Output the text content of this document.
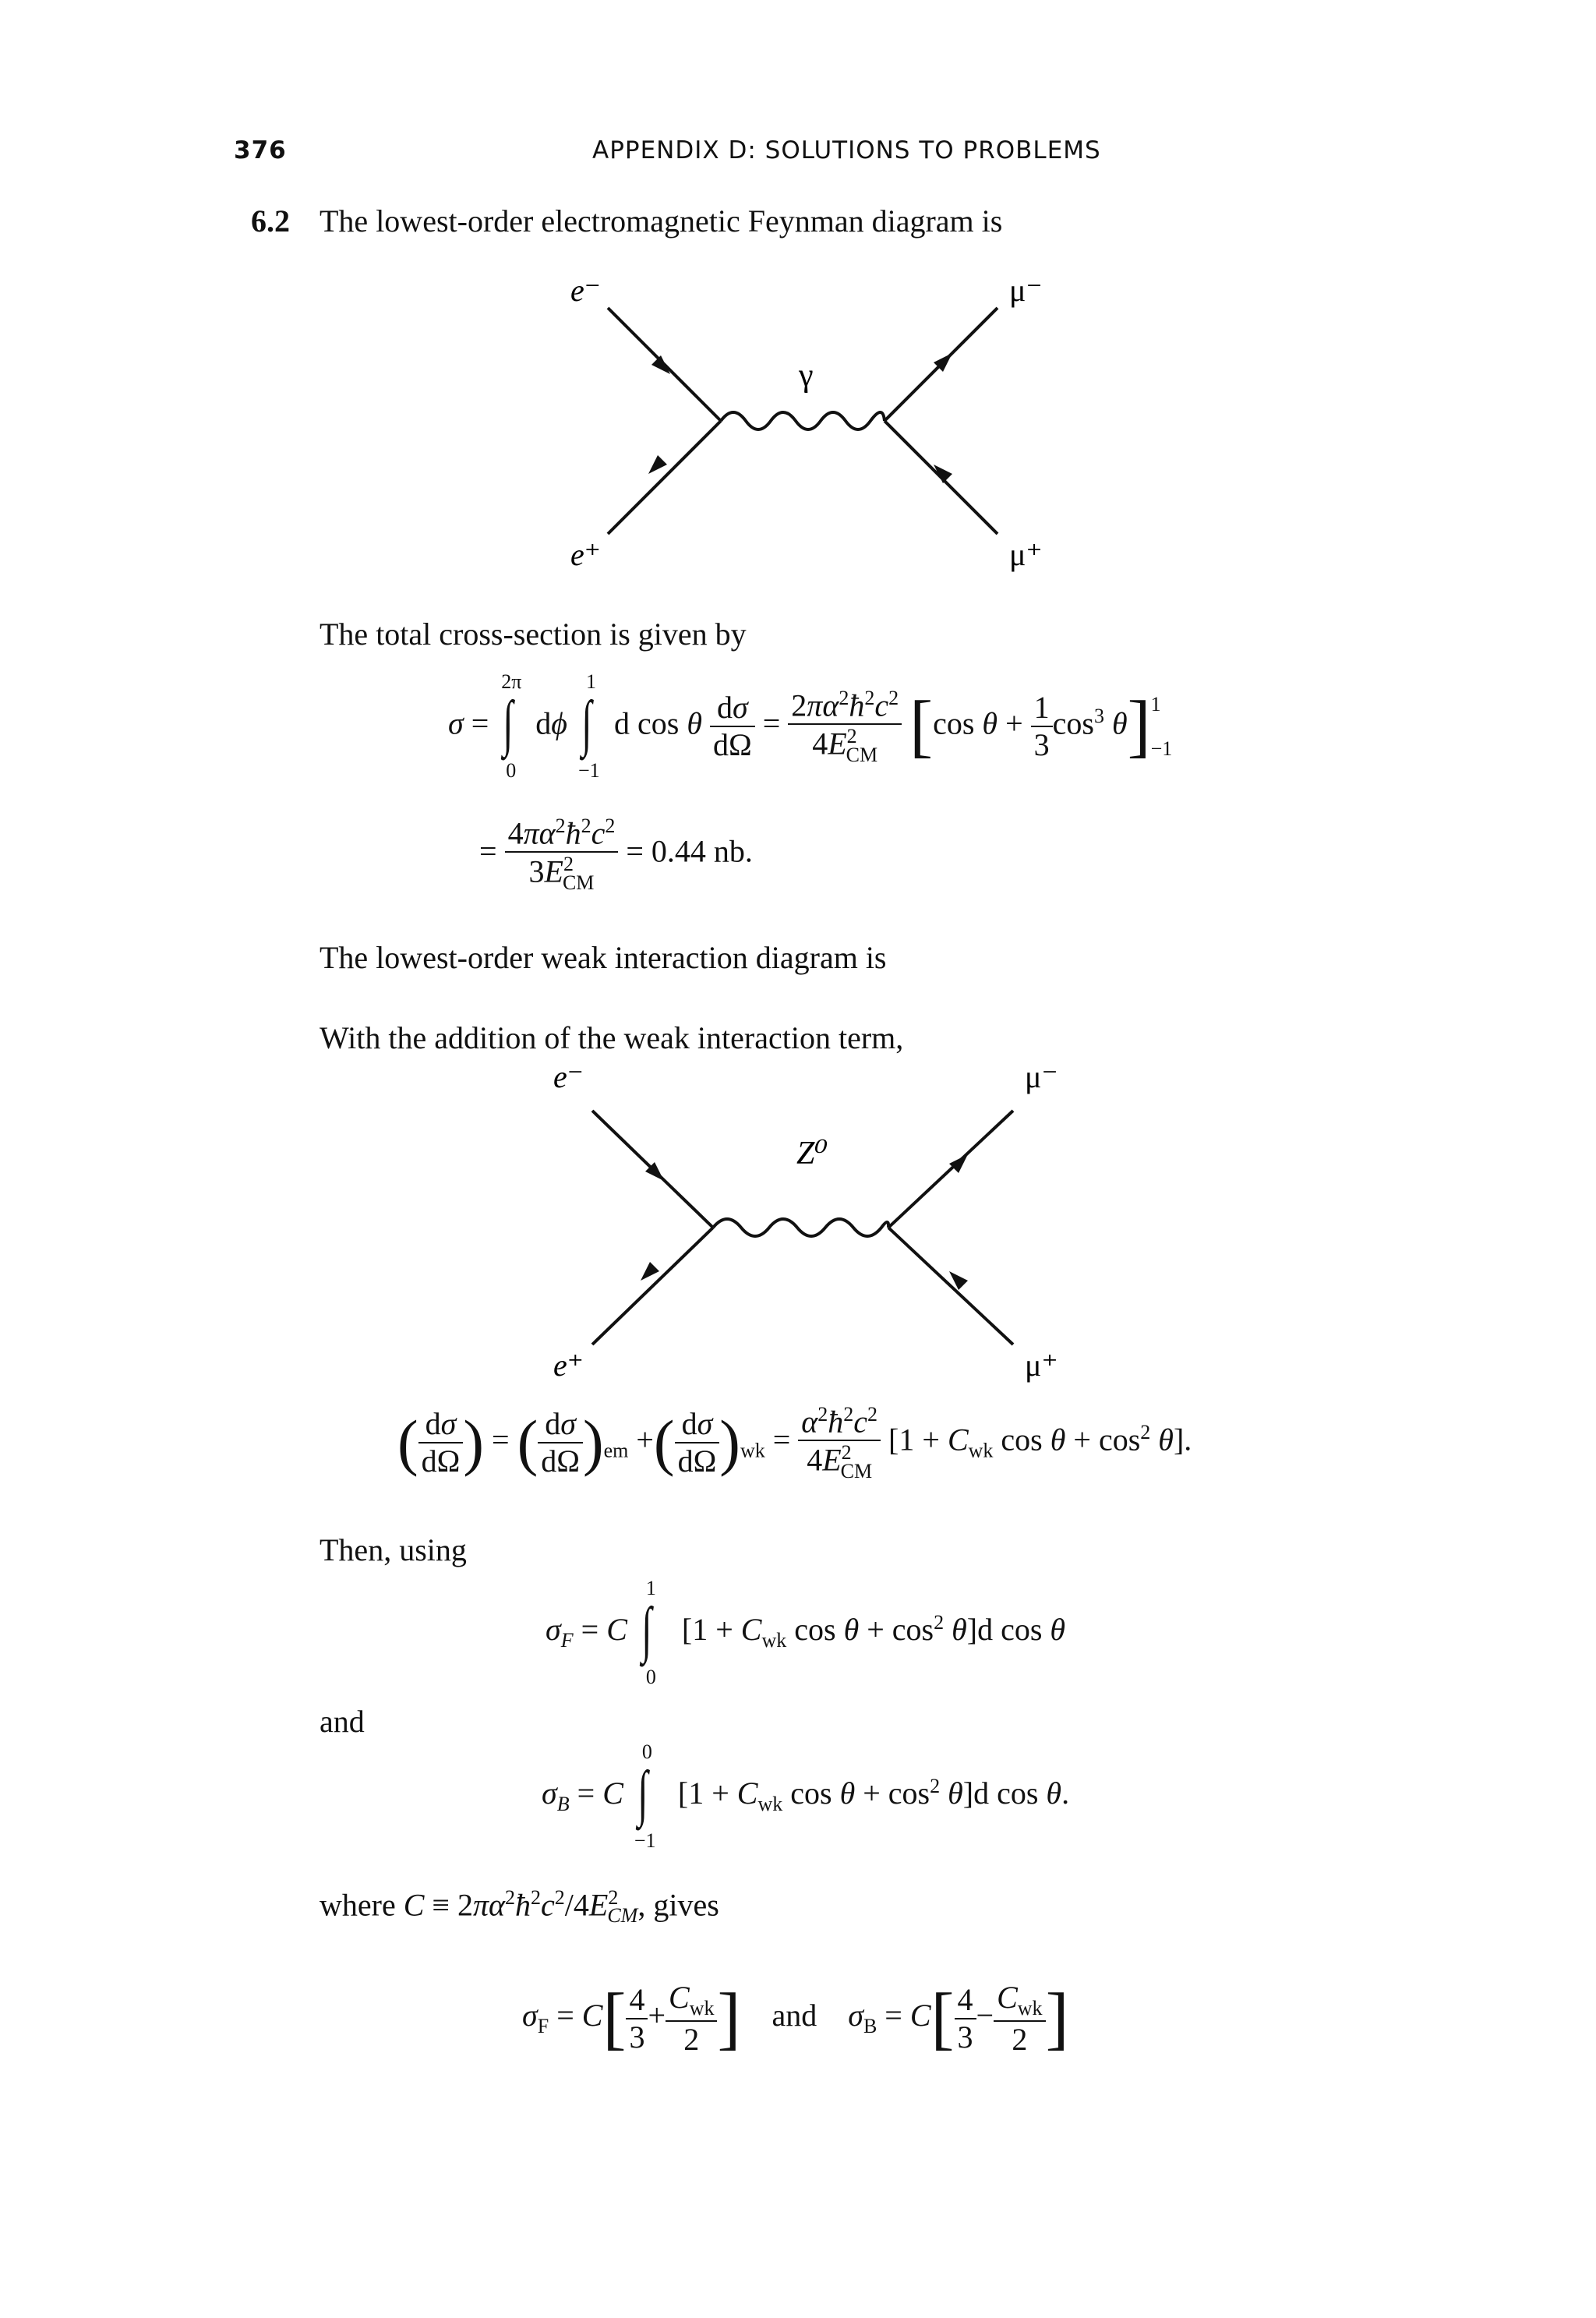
376	APPENDIX D: SOLUTIONS TO PROBLEMS
6.2 The lowest-order electromagnetic Feynman diagram is
e⁻	μ⁻
e⁺	μ⁺
γ
The total cross-section is given by
σ =
2π
∫
0
dϕ
1
∫
−1
d cos θ $\frac{d\sigma}{d\Omega} = \frac{2\pi\alpha^2ħ^2c^2}{4E^2_{CM}} [\cos$ $\theta + \frac{1}{3} \cos^3 \theta]1$
−1
= $\frac{4\pi\alpha^2ħ^2c^2}{3E^2_{CM}} = 0.44$ nb.
The lowest-order weak interaction diagram is
With the addition of the weak interaction term,
e⁻	μ⁻
e⁺	μ⁺
Z⁰
( $\frac{d\sigma}{d\Omega}$ ) = ( $\frac{d\sigma}{d\Omega} )_{em}$ +( $\frac{d\sigma}{d\Omega} )_{wk} = \frac{\alpha^2ħ^2c^2}{4E^2_{CM}} [1 + C_{wk}$ $\cos \theta + \cos^2 \theta$].
Then, using
$\sigma_F = C$
1
∫
0
[$1 + C_{wk}$ $\cos \theta + \cos^2 \theta]d$ cos θ
and
$\sigma_B = C$
0
∫
−1
[$1 + C_{wk}$ $\cos \theta + \cos^2 \theta]d$ cos θ.
where $C \equiv 2\pi\alpha^2ħ^2c^2/4E^2_{CM}$, gives
$\sigma_F = C[ \frac{4}{3} + \frac{C_{wk}}{2}$ ] and $\sigma_B = C[ \frac{4}{3} - \frac{C_{wk}}{2}$ ]
